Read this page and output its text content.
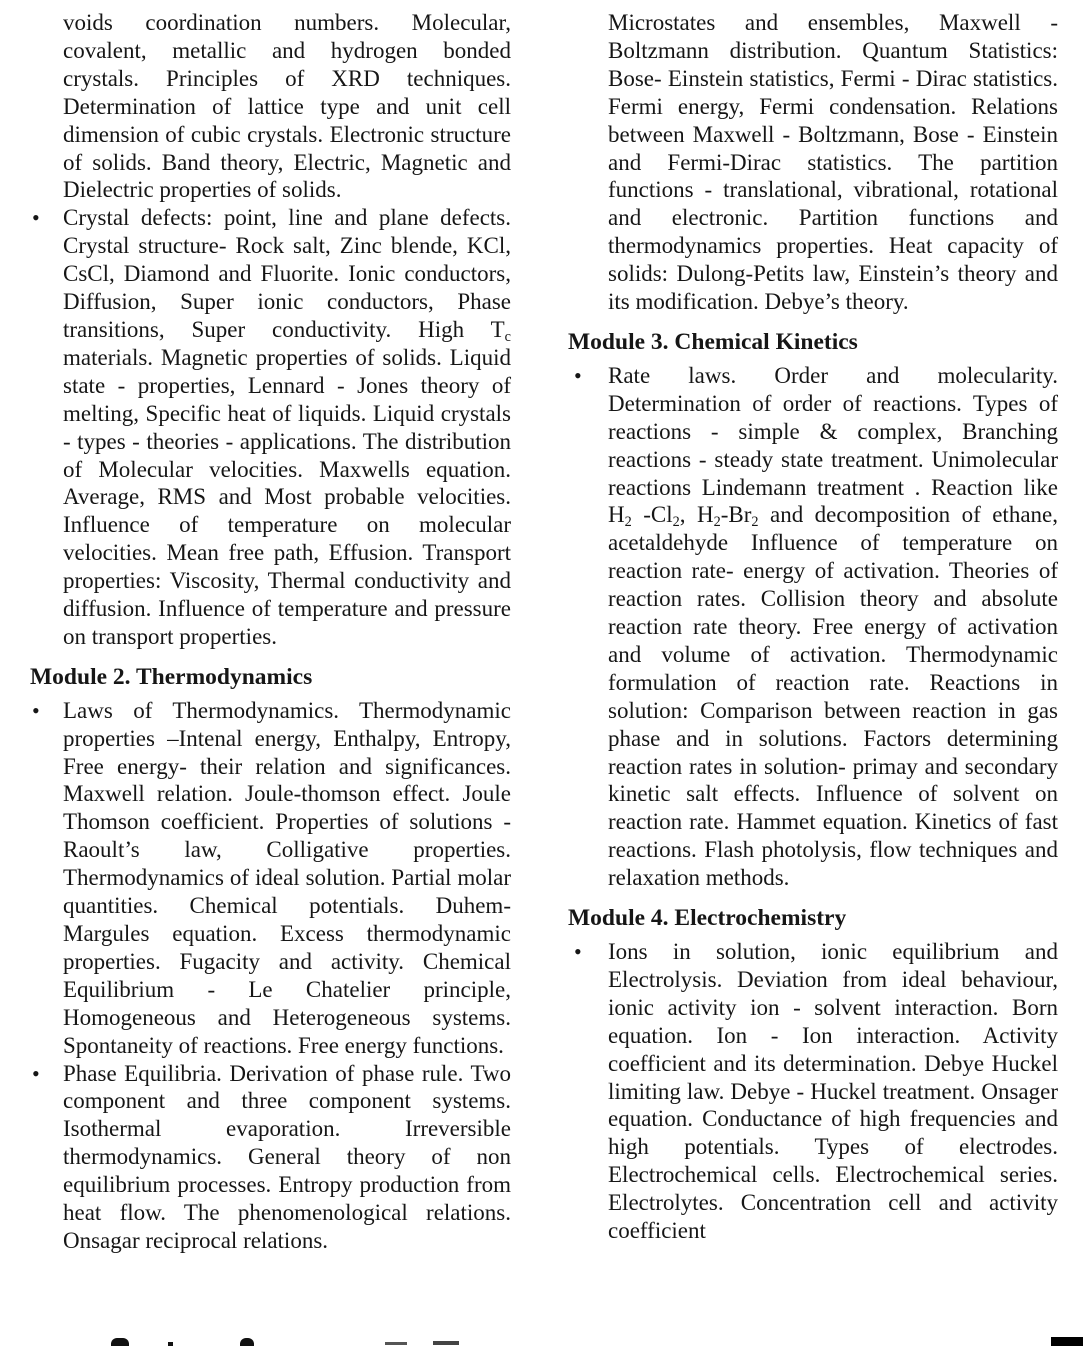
voids coordination numbers. Molecular, covalent, metallic and hydrogen bonded crystals. Principles of XRD techniques. Determination of lattice type and unit cell dimension of cubic crystals. Electronic structure of solids. Band theory, Electric, Magnetic and Dielectric properties of solids.
• Crystal defects: point, line and plane defects. Crystal structure- Rock salt, Zinc blende, KCl, CsCl, Diamond and Fluorite. Ionic conductors, Diffusion, Super ionic conductors, Phase transitions, Super conductivity. High $T_c$ materials. Magnetic properties of solids. Liquid state - properties, Lennard - Jones theory of melting, Specific heat of liquids. Liquid crystals - types - theories - applications. The distribution of Molecular velocities. Maxwells equation. Average, RMS and Most probable velocities. Influence of temperature on molecular velocities. Mean free path, Effusion. Transport properties: Viscosity, Thermal conductivity and diffusion. Influence of temperature and pressure on transport properties.
Module 2. Thermodynamics
• Laws of Thermodynamics. Thermodynamic properties –Intenal energy, Enthalpy, Entropy, Free energy- their relation and significances. Maxwell relation. Joule-thomson effect. Joule Thomson coefficient. Properties of solutions - Raoult’s law, Colligative properties. Thermodynamics of ideal solution. Partial molar quantities. Chemical potentials. Duhem-Margules equation. Excess thermodynamic properties. Fugacity and activity. Chemical Equilibrium - Le Chatelier principle, Homogeneous and Heterogeneous systems. Spontaneity of reactions. Free energy functions.
• Phase Equilibria. Derivation of phase rule. Two component and three component systems. Isothermal evaporation. Irreversible thermodynamics. General theory of non equilibrium processes. Entropy production from heat flow. The phenomenological relations. Onsagar reciprocal relations.
Microstates and ensembles, Maxwell - Boltzmann distribution. Quantum Statistics: Bose- Einstein statistics, Fermi - Dirac statistics. Fermi energy, Fermi condensation. Relations between Maxwell - Boltzmann, Bose - Einstein and Fermi-Dirac statistics. The partition functions - translational, vibrational, rotational and electronic. Partition functions and thermodynamics properties. Heat capacity of solids: Dulong-Petits law, Einstein’s theory and its modification. Debye’s theory.
Module 3. Chemical Kinetics
• Rate laws. Order and molecularity. Determination of order of reactions. Types of reactions - simple & complex, Branching reactions - steady state treatment. Unimolecular reactions Lindemann treatment . Reaction like $H_2$ $-Cl_2$, $H_2-Br_2$ and decomposition of ethane, acetaldehyde Influence of temperature on reaction rate- energy of activation. Theories of reaction rates. Collision theory and absolute reaction rate theory. Free energy of activation and volume of activation. Thermodynamic formulation of reaction rate. Reactions in solution: Comparison between reaction in gas phase and in solutions. Factors determining reaction rates in solution- primay and secondary kinetic salt effects. Influence of solvent on reaction rate. Hammet equation. Kinetics of fast reactions. Flash photolysis, flow techniques and relaxation methods.
Module 4. Electrochemistry
• Ions in solution, ionic equilibrium and Electrolysis. Deviation from ideal behaviour, ionic activity ion - solvent interaction. Born equation. Ion - Ion interaction. Activity coefficient and its determination. Debye Huckel limiting law. Debye - Huckel treatment. Onsager equation. Conductance of high frequencies and high potentials. Types of electrodes. Electrochemical cells. Electrochemical series. Electrolytes. Concentration cell and activity coefficient
